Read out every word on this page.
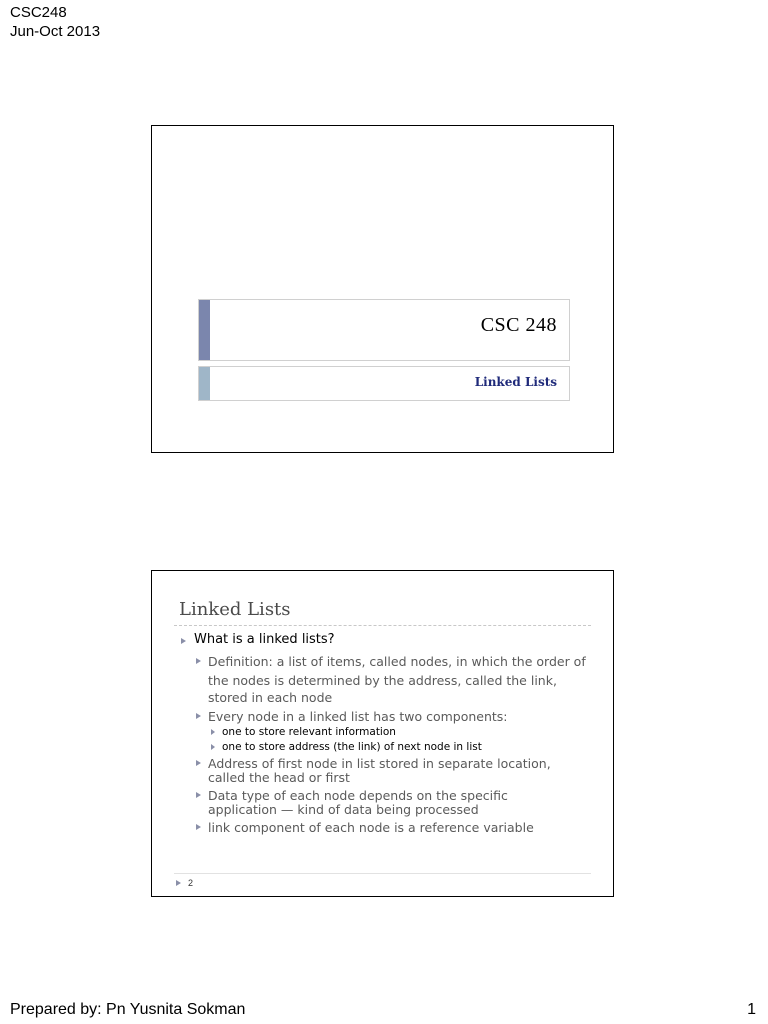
CSC248
Jun-Oct 2013
CSC 248
Linked Lists
Linked Lists
What is a linked lists?
Definition: a list of items, called nodes, in which the order of
the nodes is determined by the address, called the link,
stored in each node
Every node in a linked list has two components:
one to store relevant information
one to store address (the link) of next node in list
Address of first node in list stored in separate location,
called the head or first
Data type of each node depends on the specific
application — kind of data being processed
link component of each node is a reference variable
2
Prepared by: Pn Yusnita Sokman	1
